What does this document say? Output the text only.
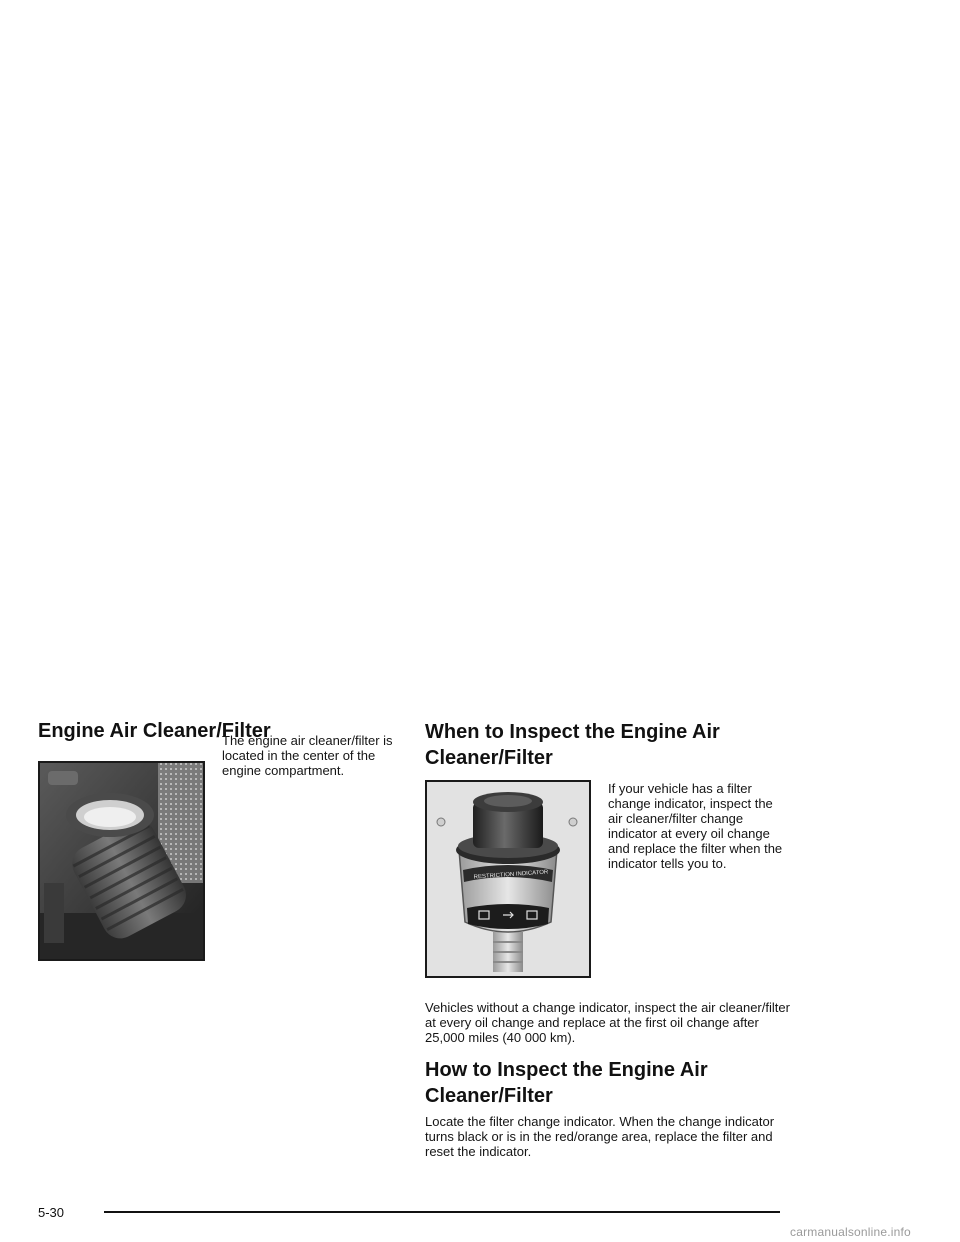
Engine Air Cleaner/Filter

The engine air cleaner/filter is located in the center of the engine compartment.

When to Inspect the Engine Air Cleaner/Filter
RESTRICTION INDICATOR

If your vehicle has a filter change indicator, inspect the air cleaner/filter change indicator at every oil change and replace the filter when the indicator tells you to.

Vehicles without a change indicator, inspect the air cleaner/filter at every oil change and replace at the first oil change after 25,000 miles (40 000 km).

How to Inspect the Engine Air Cleaner/Filter

Locate the filter change indicator. When the change indicator turns black or is in the red/orange area, replace the filter and reset the indicator.

5-30
carmanualsonline.info
